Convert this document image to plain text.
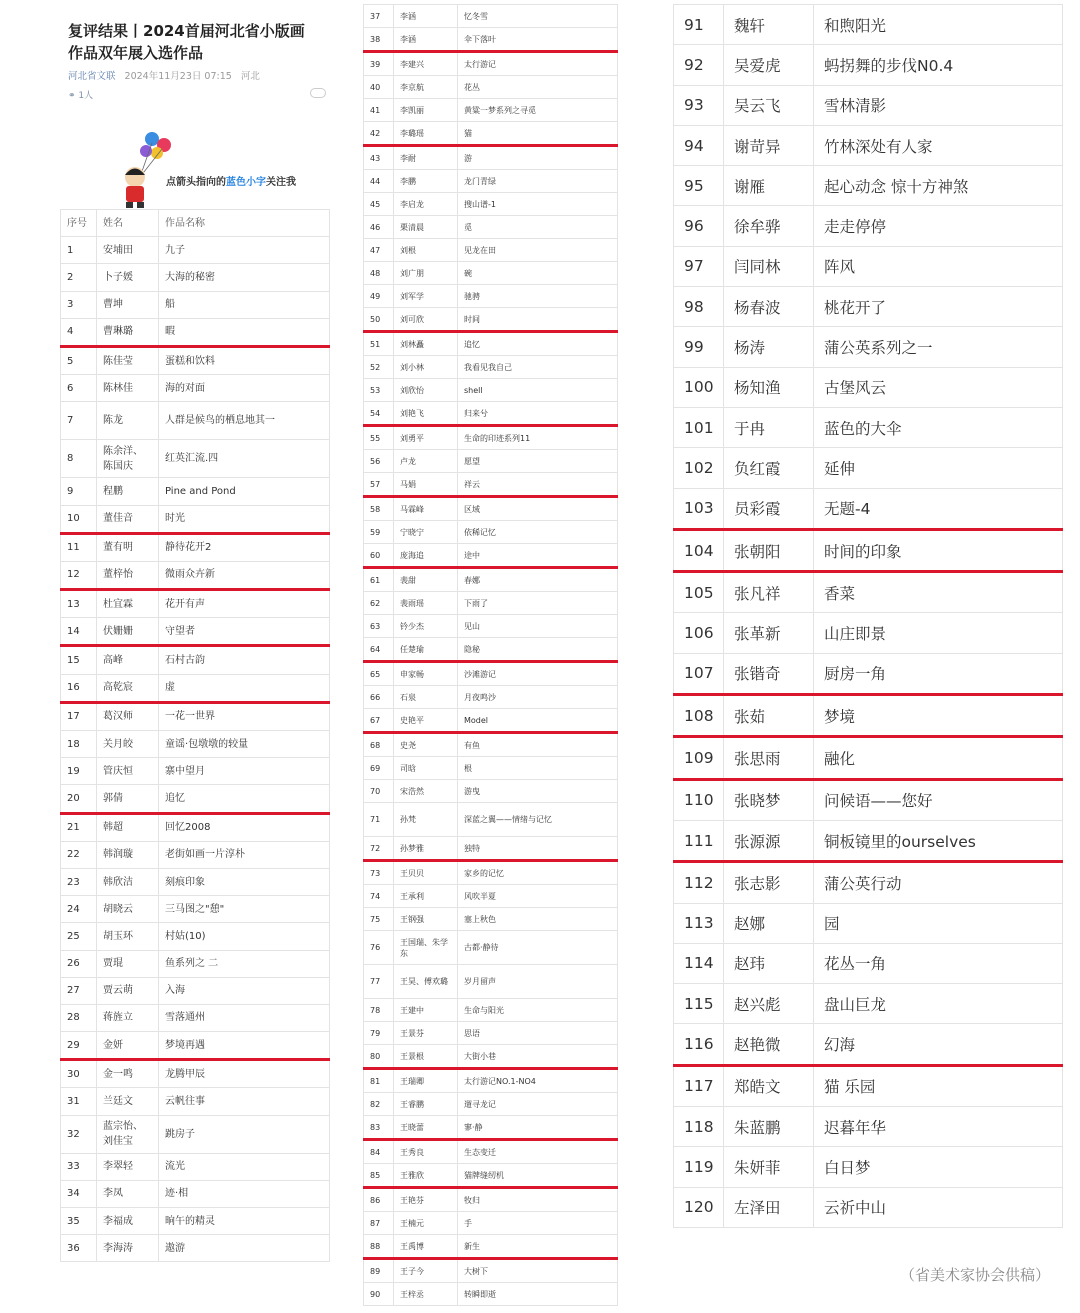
复评结果丨2024首届河北省小版画
作品双年展入选作品
河北省文联 2024年11月23日 07:15 河北
⚭ 1人
点箭头指向的蓝色小字关注我
序号	姓名	作品名称
1	安埔田	九子
2	卜子媛	大海的秘密
3	曹坤	船
4	曹琳璐	暇
5	陈佳莹	蛋糕和饮料
6	陈林佳	海的对面
7	陈龙	人群是候鸟的栖息地其一
8	陈余洋、陈国庆	红英汇流.四
9	程鹏	Pine and Pond
10	董佳音	时光
11	董有明	静待花开2
12	董梓怡	微雨众卉新
13	杜宜霖	花开有声
14	伏姗姗	守望者
15	高峰	石村古韵
16	高乾宸	虚
17	葛汉师	一花一世界
18	关月皎	童谣·包墩墩的较量
19	管庆恒	寨中望月
20	郭倩	追忆
21	韩超	回忆2008
22	韩润璇	老街如画一片淳朴
23	韩欣洁	刻痕印象
24	胡晓云	三马图之"憩"
25	胡玉环	村姑(10)
26	贾琨	鱼系列之 二
27	贾云萌	入海
28	蒋旌立	雪落通州
29	金妍	梦境再遇
30	金一鸣	龙腾甲辰
31	兰廷文	云帆往事
32	蓝宗怡、刘佳宝	跳房子
33	李翠轻	流光
34	李凤	迹·相
35	李福成	晌午的精灵
36	李海涛	遨游
37	李涵	忆冬雪
38	李涵	伞下落叶
39	李建兴	太行游记
40	李京航	花丛
41	李凯丽	黄粱一梦系列之寻觅
42	李璐瑶	猫
43	李耐	游
44	李鹏	龙门青绿
45	李启龙	搜山谱-1
46	栗清晨	觅
47	刘根	见龙在田
48	刘广朋	碗
49	刘军学	驰骋
50	刘可欣	时间
51	刘林矗	追忆
52	刘小林	我看见我自己
53	刘欣怡	shell
54	刘艳飞	归来兮
55	刘勇平	生命的印迹系列11
56	卢龙	愿望
57	马娟	祥云
58	马霖峰	区域
59	宁晓宁	依稀记忆
60	庞海追	途中
61	裴甜	春娜
62	裴雨瑶	下雨了
63	钤少杰	见山
64	任楚瑜	隐秘
65	申家畅	沙滩游记
66	石泉	月夜鸣沙
67	史艳平	Model
68	史尧	有鱼
69	司晗	根
70	宋浩然	游曳
71	孙梵	深蓝之翼——情绪与记忆
72	孙梦雅	独特
73	王贝贝	家乡的记忆
74	王承利	风吹半夏
75	王钢强	塞上秋色
76	王国瑞、朱学东	古都·静待
77	王昊、傅欢璐	岁月留声
78	王建中	生命与阳光
79	王景芬	思语
80	王景根	大街小巷
81	王瑞卿	太行游记NO.1-NO4
82	王睿鹏	遛寻龙记
83	王晓蕾	寥·静
84	王秀良	生态变迁
85	王雅欣	猫牌缝纫机
86	王艳芬	牧归
87	王楠元	手
88	王禹博	新生
89	王子今	大树下
90	王梓丞	转瞬即逝
91	魏轩	和煦阳光
92	吴爱虎	蚂拐舞的步伐N0.4
93	吴云飞	雪林清影
94	谢苛异	竹林深处有人家
95	谢雁	起心动念 惊十方神煞
96	徐牟骅	走走停停
97	闫同林	阵风
98	杨春波	桃花开了
99	杨涛	蒲公英系列之一
100	杨知渔	古堡风云
101	于冉	蓝色的大伞
102	负红霞	延伸
103	员彩霞	无题-4
104	张朝阳	时间的印象
105	张凡祥	香菜
106	张革新	山庄即景
107	张锴奇	厨房一角
108	张茹	梦境
109	张思雨	融化
110	张晓梦	问候语——您好
111	张源源	铜板镜里的ourselves
112	张志影	蒲公英行动
113	赵娜	园
114	赵玮	花丛一角
115	赵兴彪	盘山巨龙
116	赵艳微	幻海
117	郑皓文	猫 乐园
118	朱蓝鹏	迟暮年华
119	朱妍菲	白日梦
120	左泽田	云祈中山
（省美术家协会供稿）
